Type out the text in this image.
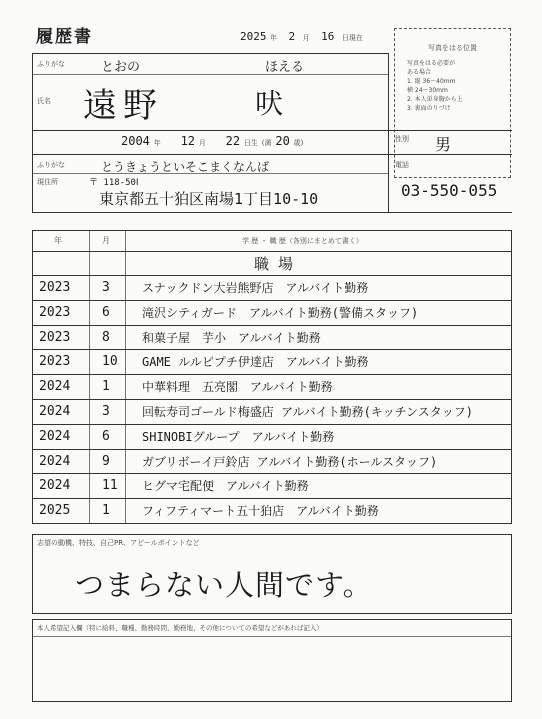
履歴書	2025 年 2 月 16 日現在
写真をはる位置
写真をはる必要が
ある場合
1. 縦 36～40mm
横 24～30mm
2. 本人単身胸から上
3. 裏面のりづけ
ふりがな	とおの	ほえる
氏名 遠野	吠
2004 年 12 月 22 日生 (満 20 歳)	性別 男
ふりがな	とうきょうといそこまくなんば
現住所	〒 118-50Ⅰ
東京都五十狛区南場1丁目10-10
電話
03-550-055
年	月	学 歴 ・ 職 歴（各別にまとめて書く）
職 場
2023 3	スナックドン大岩熊野店　アルバイト勤務
2023 6	滝沢シティガード　アルバイト勤務(警備スタッフ)
2023 8	和菓子屋　芋小　アルバイト勤務
2023 10 GAME ルルピプチ伊達店　アルバイト勤務
2024 1	中華料理　五亮閣　アルバイト勤務
2024 3	回転寿司ゴールド梅盛店 アルバイト勤務(キッチンスタッフ)
2024 6	SHINOBIグループ　アルバイト勤務
2024 9	ガブリボーイ戸鈴店 アルバイト勤務(ホールスタッフ)
2024 11 ヒグマ宅配便　アルバイト勤務
2025 1	フィフティマート五十狛店　アルバイト勤務
志望の動機、特技、自己PR、アピールポイントなど
つまらない人間です。
本人希望記入欄（特に給料、職種、勤務時間、勤務地、その他についての希望などがあれば記入）
